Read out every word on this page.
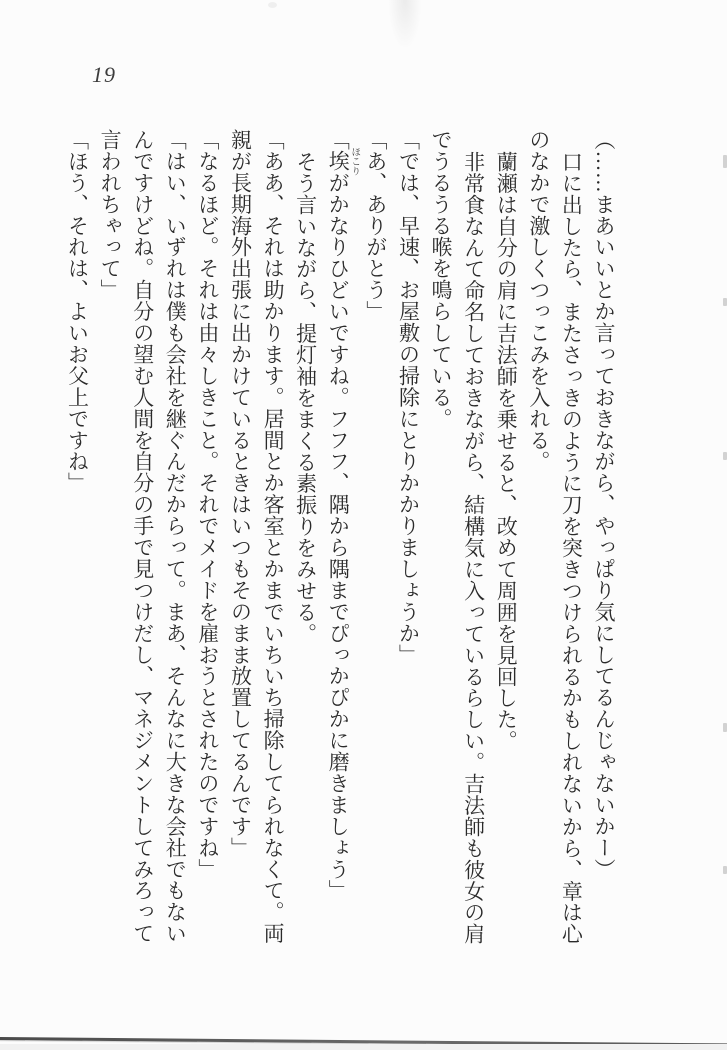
19
（……まあいいとか言っておきながら、やっぱり気にしてるんじゃないかー）
口に出したら、またさっきのように刀を突きつけられるかもしれないから、章は心
のなかで激しくつっこみを入れる。
蘭瀬は自分の肩に吉法師を乗せると、改めて周囲を見回した。
非常食なんて命名しておきながら、結構気に入っているらしい。吉法師も彼女の肩
でうるうる喉を鳴らしている。
「では、早速、お屋敷の掃除にとりかかりましょうか」
「あ、ありがとう」
「埃 ほこりがかなりひどいですね。フフフ、隅から隅までぴっかぴかに磨きましょう」
そう言いながら、提灯袖をまくる素振りをみせる。
「ああ、それは助かります。居間とか客室とかまでいちいち掃除してられなくて。両
親が長期海外出張に出かけているときはいつもそのまま放置してるんです」
「なるほど。それは由々しきこと。それでメイドを雇おうとされたのですね」
「はい、いずれは僕も会社を継ぐんだからって。まあ、そんなに大きな会社でもない
んですけどね。自分の望む人間を自分の手で見つけだし、マネジメントしてみろって
言われちゃって」
「ほう、それは、よいお父上ですね」
